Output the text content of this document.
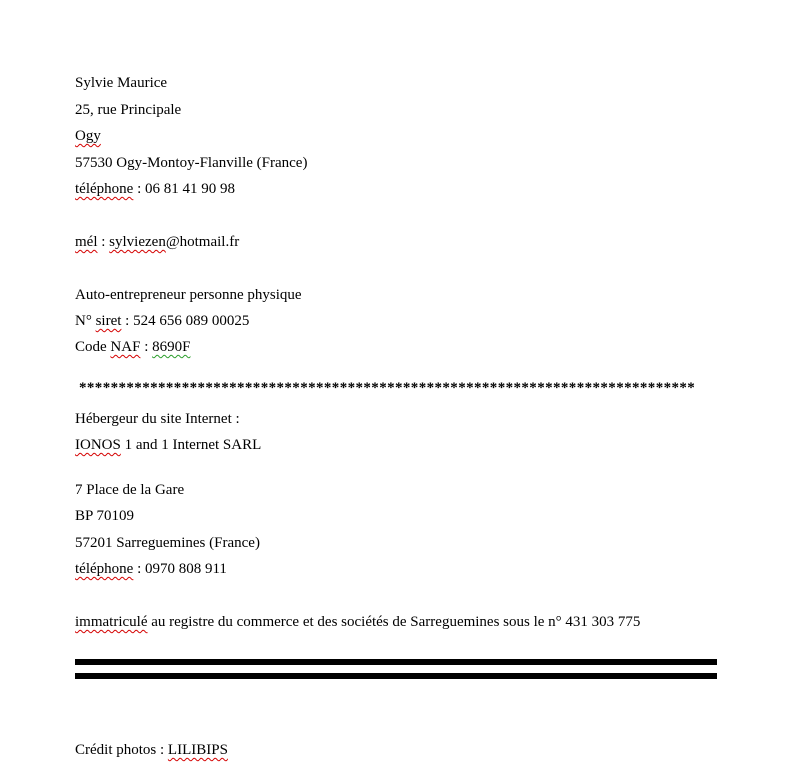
Sylvie Maurice
25, rue Principale
Ogy
57530 Ogy-Montoy-Flanville (France)
téléphone : 06 81 41 90 98
mél : sylviezen@hotmail.fr
Auto-entrepreneur personne physique
N° siret : 524 656 089 00025
Code NAF : 8690F
******************************************************************************
Hébergeur du site Internet :
IONOS 1 and 1 Internet SARL
7 Place de la Gare
BP 70109
57201 Sarreguemines (France)
téléphone : 0970 808 911
immatriculé au registre du commerce et des sociétés de Sarreguemines sous le n° 431 303 775
Crédit photos : LILIBIPS
